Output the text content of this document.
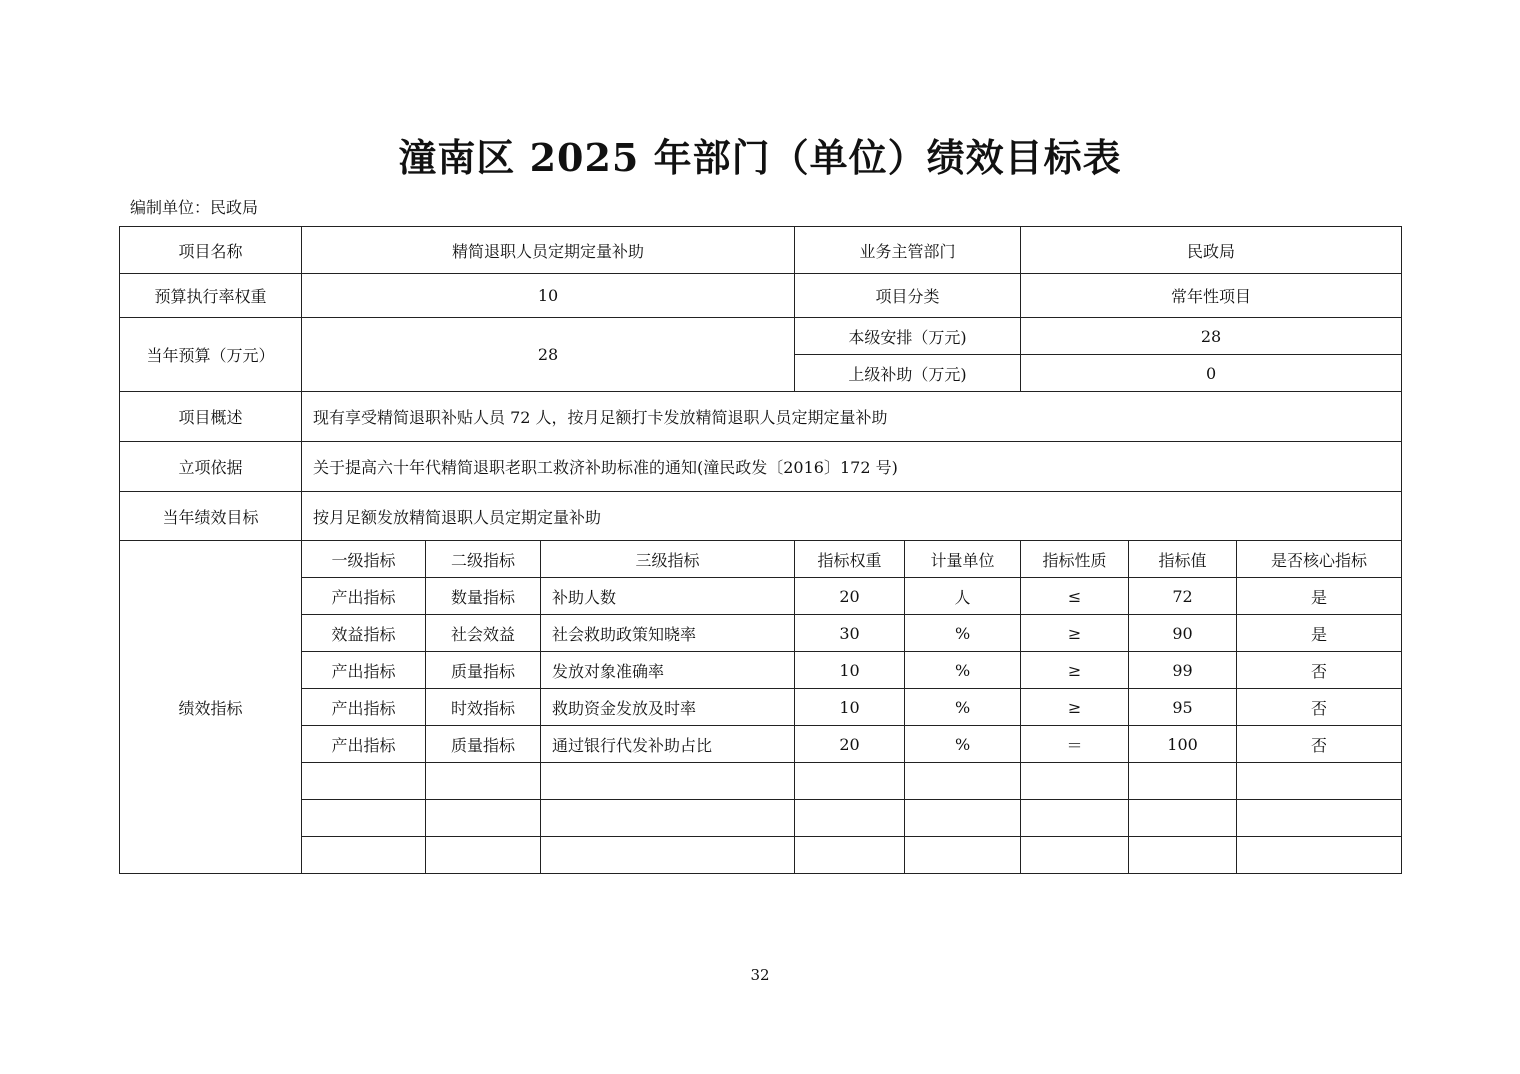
潼南区 2025 年部门（单位）绩效目标表
编制单位：民政局
项目名称	精简退职人员定期定量补助			业务主管部门		民政局		
预算执行率权重	10			项目分类		常年性项目		
当年预算（万元）	28			本级安排（万元)		28		
				上级补助（万元)		0		
项目概述	现有享受精简退职补贴人员 72 人，按月足额打卡发放精简退职人员定期定量补助							
立项依据	关于提高六十年代精简退职老职工救济补助标准的通知(潼民政发〔2016〕172 号)							
当年绩效目标	按月足额发放精简退职人员定期定量补助							
绩效指标	一级指标	二级指标	三级指标	指标权重	计量单位	指标性质	指标值	是否核心指标
	产出指标	数量指标	补助人数	20	人	≤	72	是
	效益指标	社会效益	社会救助政策知晓率	30	%	≥	90	是
	产出指标	质量指标	发放对象准确率	10	%	≥	99	否
	产出指标	时效指标	救助资金发放及时率	10	%	≥	95	否
	产出指标	质量指标	通过银行代发补助占比	20	%	＝	100	否

32
